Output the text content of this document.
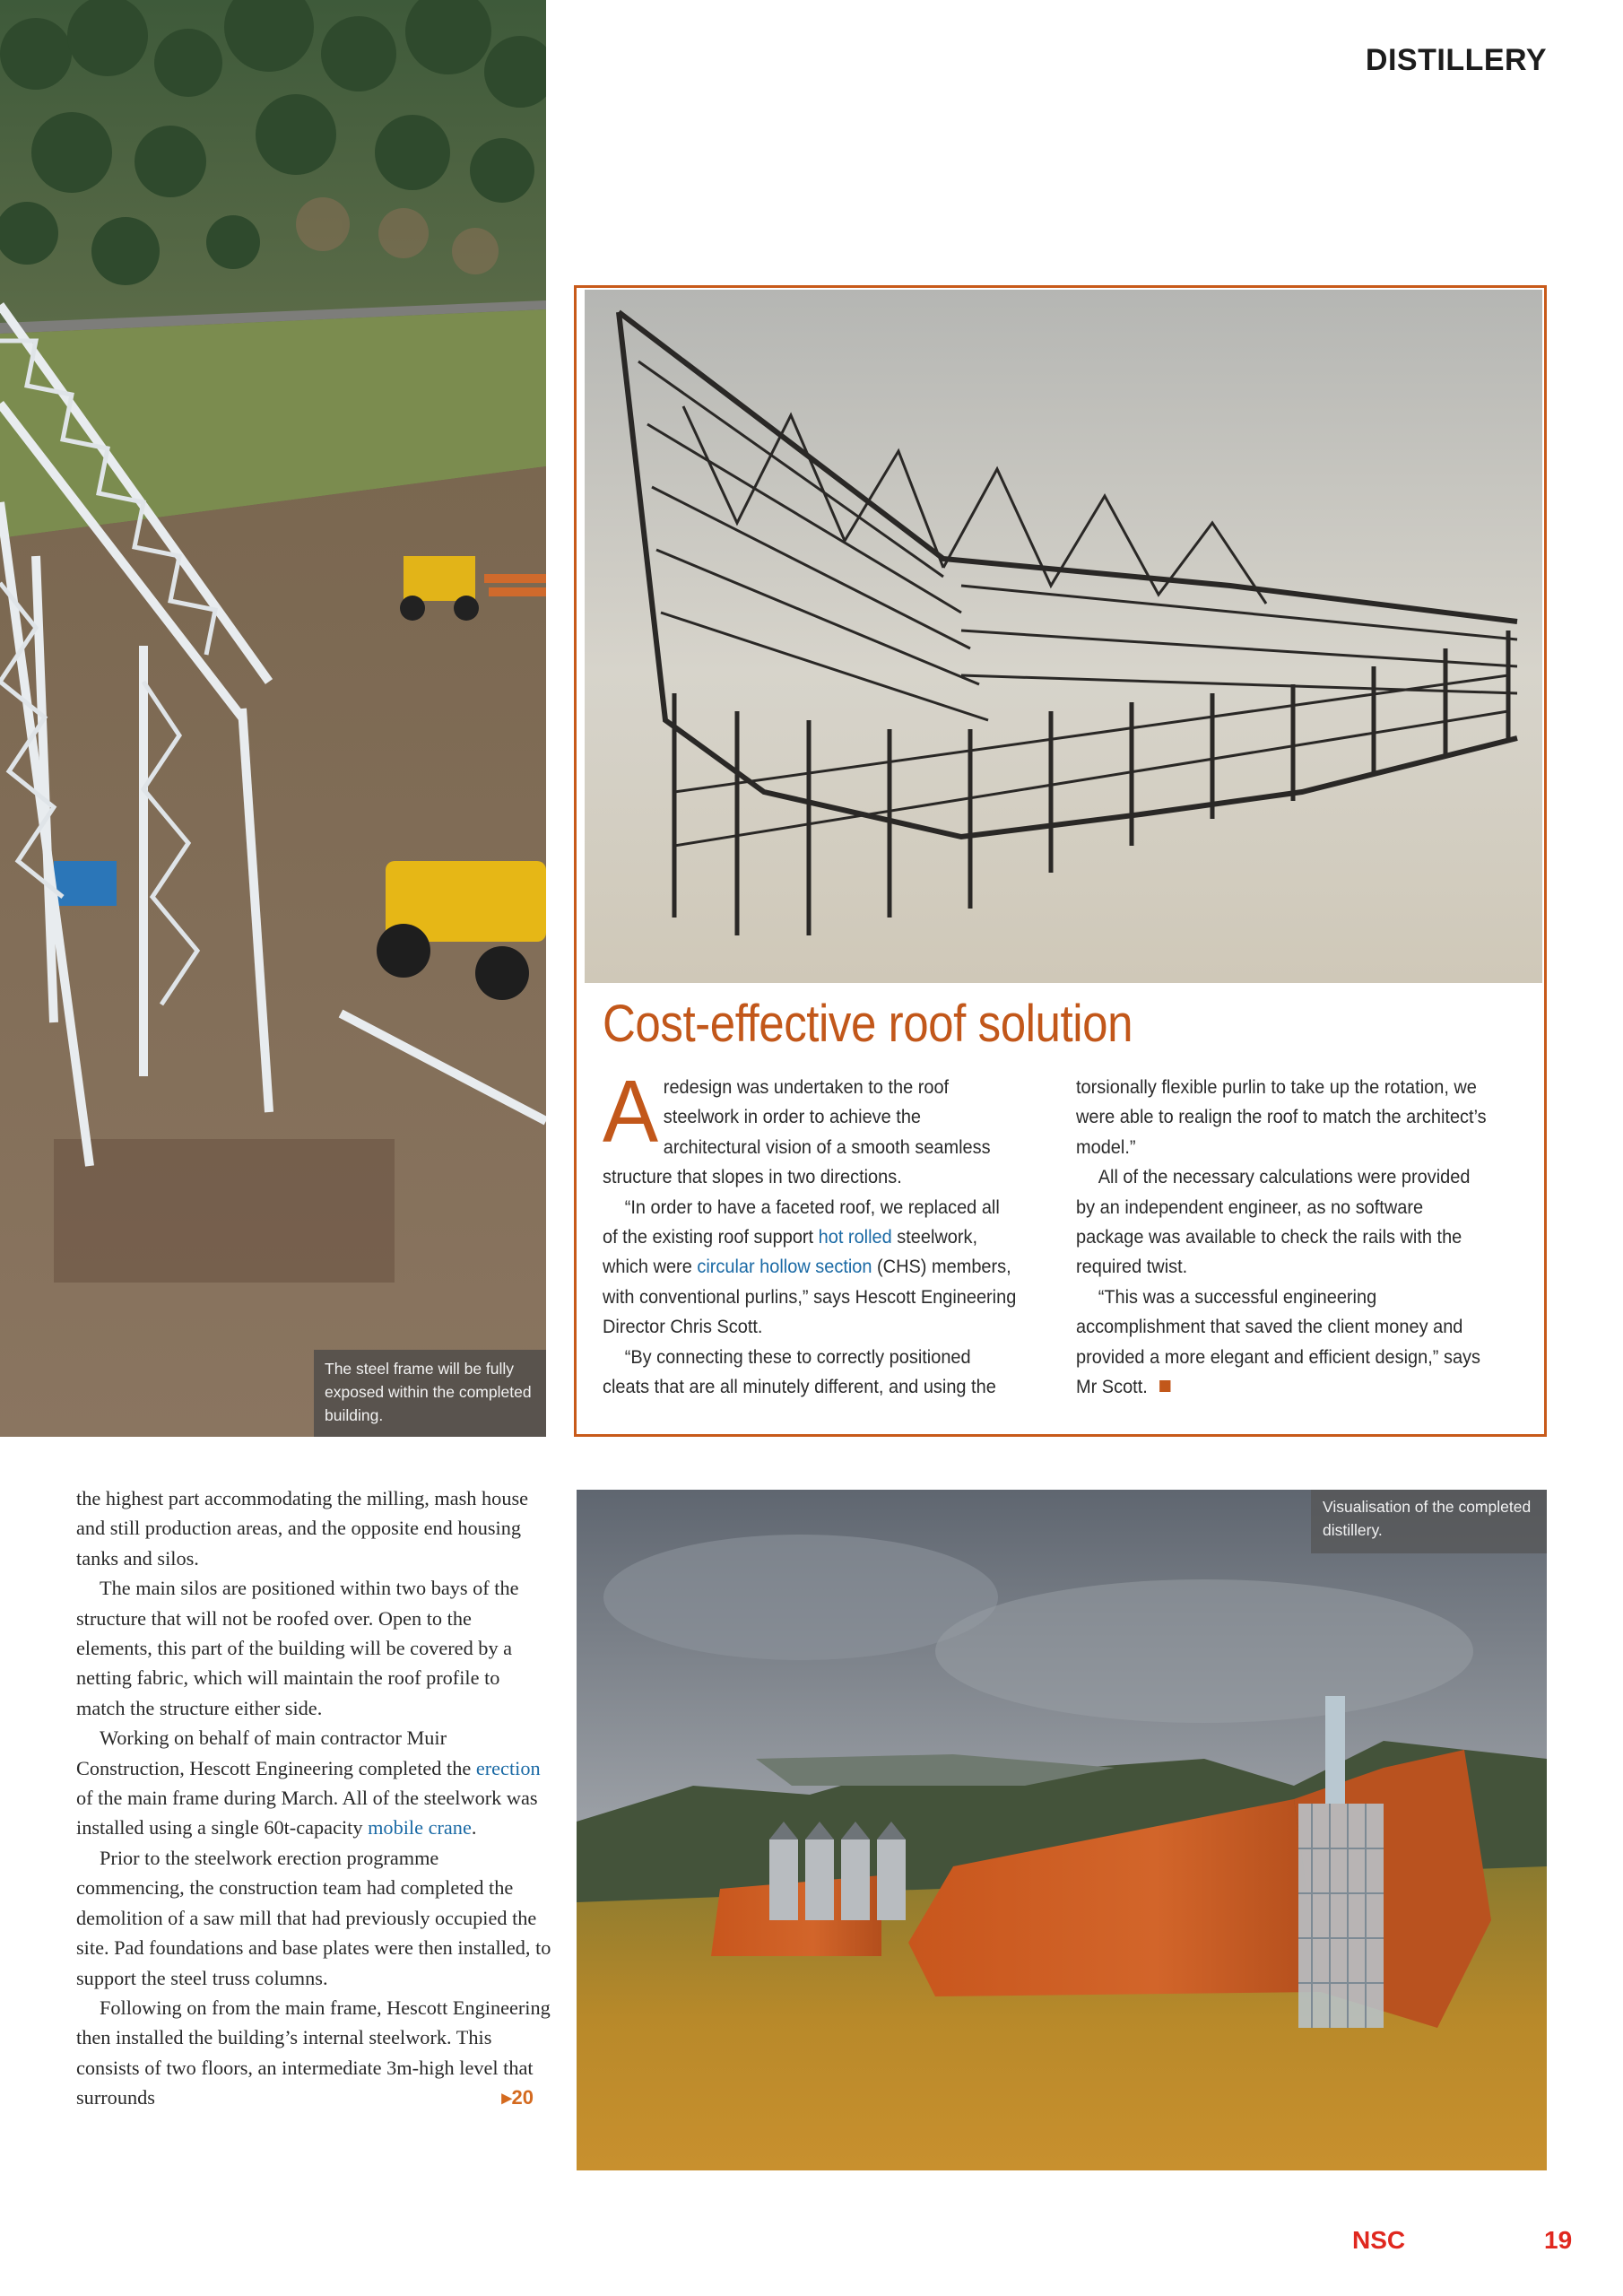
DISTILLERY
The steel frame will be fully exposed within the completed building.
Cost-effective roof solution

A redesign was undertaken to the roof steelwork in order to achieve the architectural vision of a smooth seamless structure that slopes in two directions.

“In order to have a faceted roof, we replaced all of the existing roof support hot rolled steelwork, which were circular hollow section (CHS) members, with conventional purlins,” says Hescott Engineering Director Chris Scott.

“By connecting these to correctly positioned cleats that are all minutely different, and using the

torsionally flexible purlin to take up the rotation, we were able to realign the roof to match the architect’s model.”

All of the necessary calculations were provided by an independent engineer, as no software package was available to check the rails with the required twist.

“This was a successful engineering accomplishment that saved the client money and provided a more elegant and efficient design,” says Mr Scott.

the highest part accommodating the milling, mash house and still production areas, and the opposite end housing tanks and silos.

The main silos are positioned within two bays of the structure that will not be roofed over. Open to the elements, this part of the building will be covered by a netting fabric, which will maintain the roof profile to match the structure either side.

Working on behalf of main contractor Muir Construction, Hescott Engineering completed the erection of the main frame during March. All of the steelwork was installed using a single 60t-capacity mobile crane.

Prior to the steelwork erection programme commencing, the construction team had completed the demolition of a saw mill that had previously occupied the site. Pad foundations and base plates were then installed, to support the steel truss columns.

Following on from the main frame, Hescott Engineering then installed the building’s internal steelwork. This consists of two floors, an intermediate 3m-high level that surrounds	▸20
Visualisation of the completed distillery.
NSC	19
